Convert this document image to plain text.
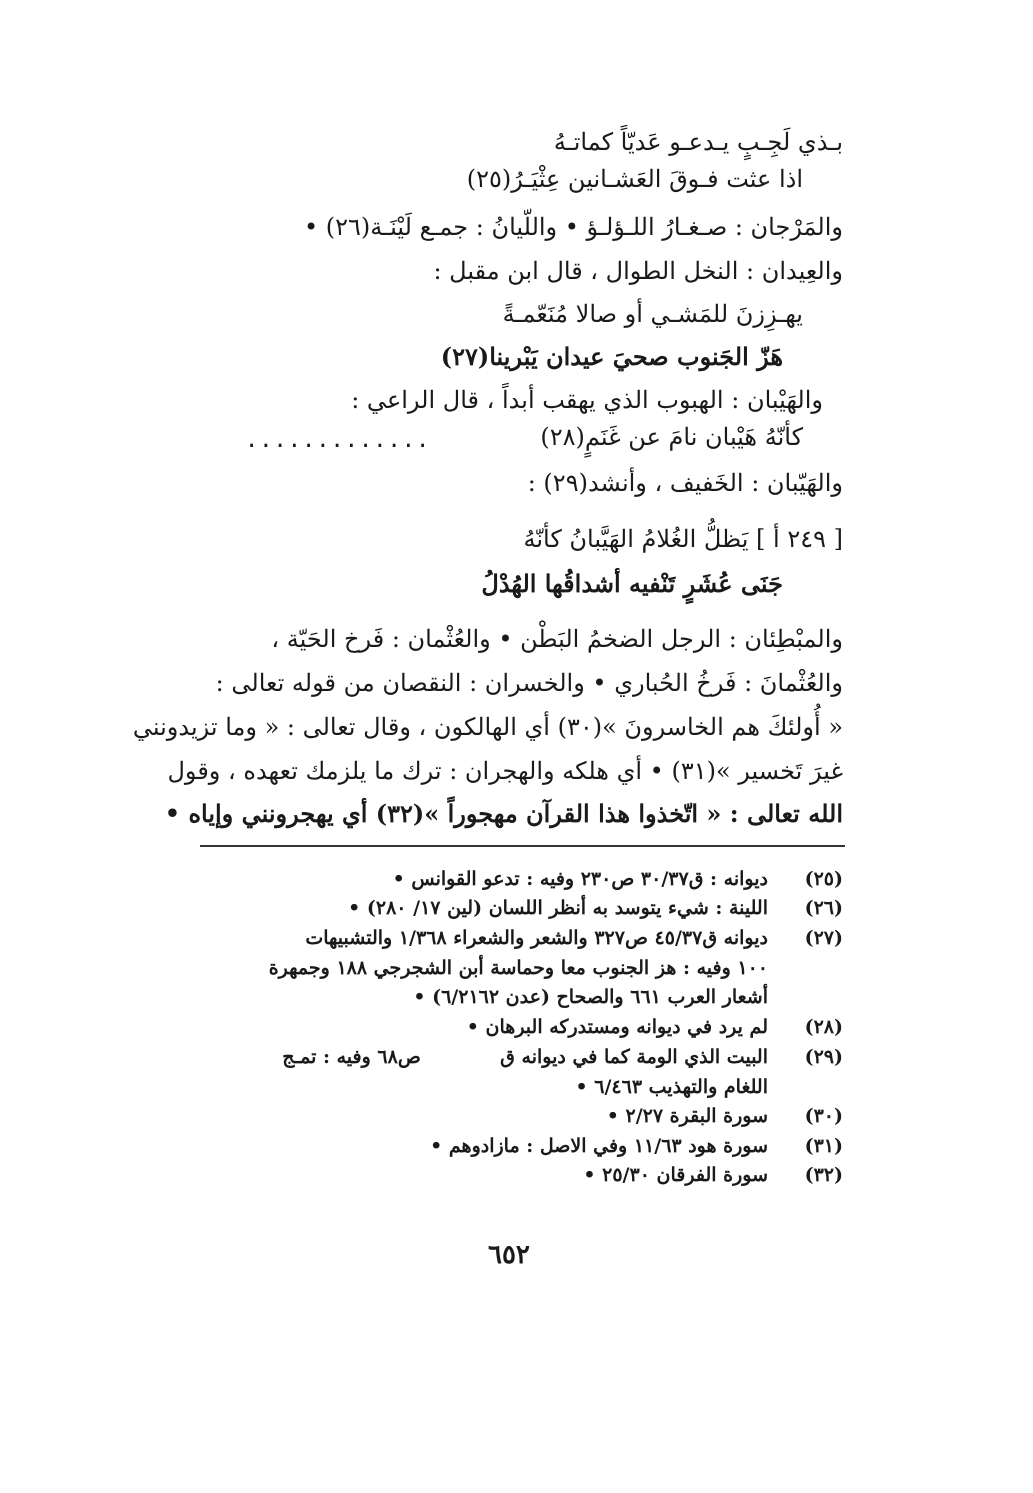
بـذي لَجِـبٍ يـدعـو عَديّاً كماتـهُ
اذا عثت فـوقَ العَشـانين عِثْيَـرُ(٢٥)
والمَرْجان : صـغـارُ اللـؤلـؤ • واللّيانُ : جمـع لَيْنَـة(٢٦) •
والعِيدان : النخل الطوال ، قال ابن مقبل :
يهـزِزنَ للمَشـي أو صالا مُنَعّمـةً
هَزّ الجَنوب صحيَ عيدان يَبْرينا(٢٧)
والهَيْبان : الهبوب الذي يهقب أبداً ، قال الراعي :
كأنّهُ هَيْبان نامَ عن غَنَمٍ(٢٨)
.............
والهَيّبان : الخَفيف ، وأنشد(٢٩) :
[ ٢٤٩ أ ] يَظلُّ الغُلامُ الهَيَّبانُ كأنّهُ
جَنَى عُشَرٍ تَنْفيه أشداقُها الهُدْلُ
والمبْطِئان : الرجل الضخمُ البَطْن • والعُثْمان : فَرخ الحَيّة ،
والعُثْمانَ : فَرخُ الحُباري • والخسران : النقصان من قوله تعالى :
« أُولئكَ هم الخاسرونَ »(٣٠) أي الهالكون ، وقال تعالى : « وما تزيدونني
غيرَ تَخسير »(٣١) • أي هلكه والهجران : ترك ما يلزمك تعهده ، وقول
الله تعالى : « اتّخذوا هذا القرآن مهجوراً »(٣٢) أي يهجرونني وإياه •
(٢٥)
ديوانه : ق٣٠/٣٧ ص٢٣٠ وفيه : تدعو القوانس •
(٢٦)
اللينة : شيء يتوسد به أنظر اللسان (لين ١٧/ ٢٨٠) •
(٢٧)
ديوانه ق٤٥/٣٧ ص٣٢٧ والشعر والشعراء ١/٣٦٨ والتشبيهات
١٠٠ وفيه : هز الجنوب معا وحماسة أبن الشجرجي ١٨٨ وجمهرة
أشعار العرب ٦٦١ والصحاح (عدن ٦/٢١٦٢) •
(٢٨)
لم يرد في ديوانه ومستدركه البرهان •
(٢٩)
البيت الذي الومة كما في ديوانه ق            ص٦٨ وفيه : تمـج
اللغام والتهذيب ٦/٤٦٣ •
(٣٠)
سورة البقرة ٢/٢٧ •
(٣١)
سورة هود ١١/٦٣ وفي الاصل : مازادوهم •
(٣٢)
سورة الفرقان ٢٥/٣٠ •
٦٥٢
